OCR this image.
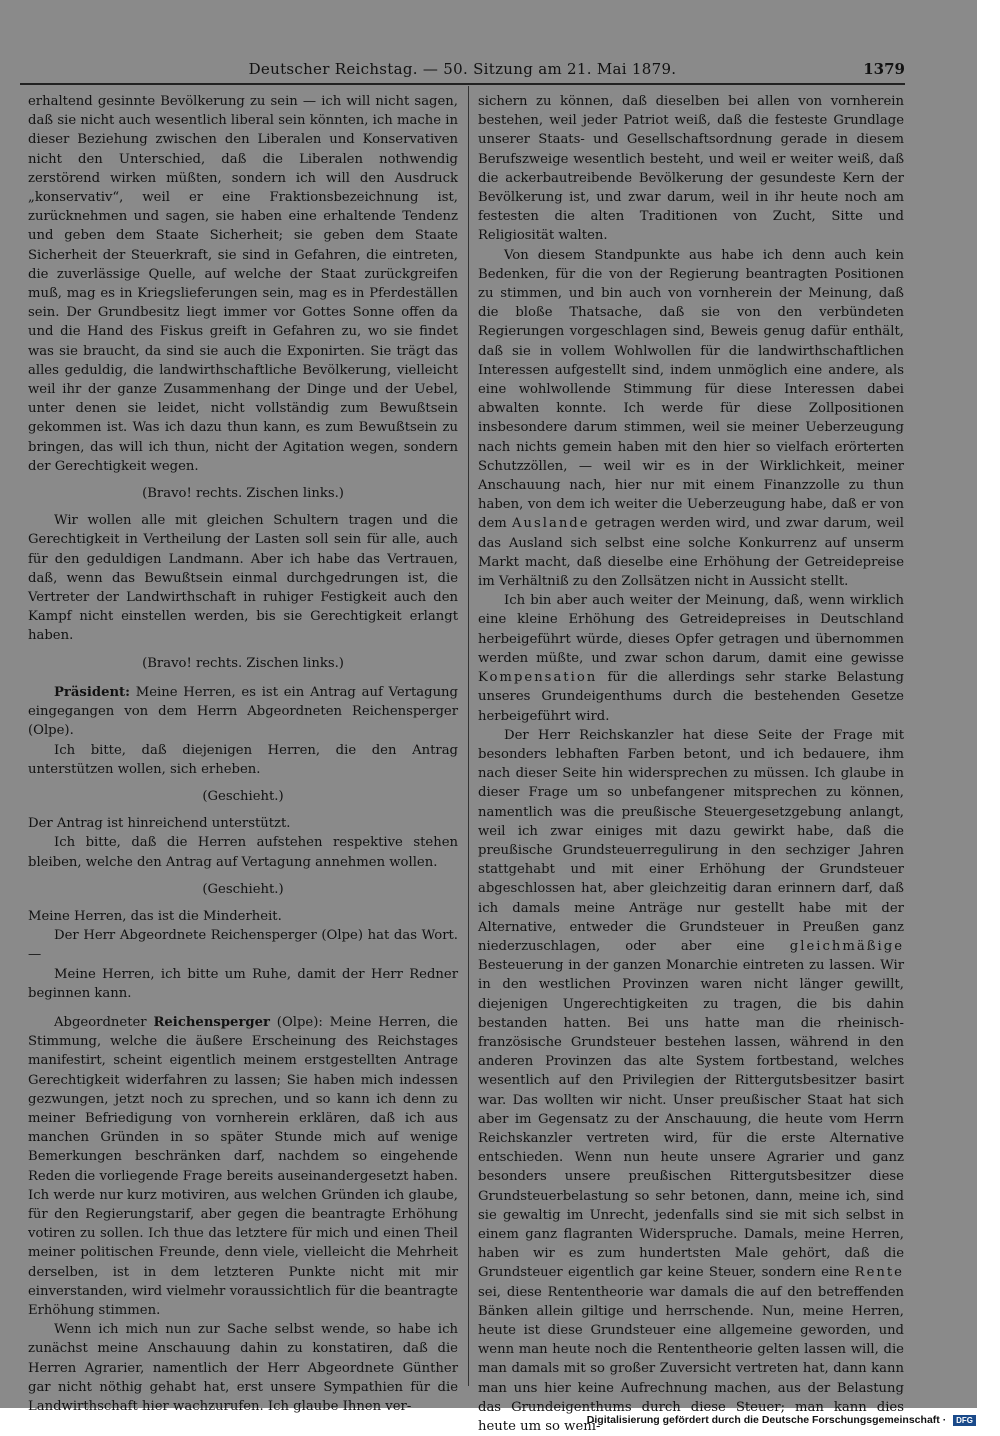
Deutscher Reichstag. — 50. Sitzung am 21. Mai 1879.	1379

erhaltend gesinnte Bevölkerung zu sein — ich will nicht sagen, daß sie nicht auch wesentlich liberal sein könnten, ich mache in dieser Beziehung zwischen den Liberalen und Konservativen nicht den Unterschied, daß die Liberalen nothwendig zerstörend wirken müßten, sondern ich will den Ausdruck „konservativ“, weil er eine Fraktionsbezeichnung ist, zurücknehmen und sagen, sie haben eine erhaltende Tendenz und geben dem Staate Sicherheit; sie geben dem Staate Sicherheit der Steuerkraft, sie sind in Gefahren, die eintreten, die zuverlässige Quelle, auf welche der Staat zurückgreifen muß, mag es in Kriegslieferungen sein, mag es in Pferdeställen sein. Der Grundbesitz liegt immer vor Gottes Sonne offen da und die Hand des Fiskus greift in Gefahren zu, wo sie findet was sie braucht, da sind sie auch die Exponirten. Sie trägt das alles geduldig, die landwirthschaftliche Bevölkerung, vielleicht weil ihr der ganze Zusammenhang der Dinge und der Uebel, unter denen sie leidet, nicht vollständig zum Bewußtsein gekommen ist. Was ich dazu thun kann, es zum Bewußtsein zu bringen, das will ich thun, nicht der Agitation wegen, sondern der Gerechtigkeit wegen.

(Bravo! rechts. Zischen links.)

Wir wollen alle mit gleichen Schultern tragen und die Gerechtigkeit in Vertheilung der Lasten soll sein für alle, auch für den geduldigen Landmann. Aber ich habe das Vertrauen, daß, wenn das Bewußtsein einmal durchgedrungen ist, die Vertreter der Landwirthschaft in ruhiger Festigkeit auch den Kampf nicht einstellen werden, bis sie Gerechtigkeit erlangt haben.

(Bravo! rechts. Zischen links.)

Präsident: Meine Herren, es ist ein Antrag auf Vertagung eingegangen von dem Herrn Abgeordneten Reichensperger (Olpe).

Ich bitte, daß diejenigen Herren, die den Antrag unterstützen wollen, sich erheben.

(Geschieht.)

Der Antrag ist hinreichend unterstützt.

Ich bitte, daß die Herren aufstehen respektive stehen bleiben, welche den Antrag auf Vertagung annehmen wollen.

(Geschieht.)

Meine Herren, das ist die Minderheit.

Der Herr Abgeordnete Reichensperger (Olpe) hat das Wort. —

Meine Herren, ich bitte um Ruhe, damit der Herr Redner beginnen kann.

Abgeordneter Reichensperger (Olpe): Meine Herren, die Stimmung, welche die äußere Erscheinung des Reichstages manifestirt, scheint eigentlich meinem erstgestellten Antrage Gerechtigkeit widerfahren zu lassen; Sie haben mich indessen gezwungen, jetzt noch zu sprechen, und so kann ich denn zu meiner Befriedigung von vornherein erklären, daß ich aus manchen Gründen in so später Stunde mich auf wenige Bemerkungen beschränken darf, nachdem so eingehende Reden die vorliegende Frage bereits auseinandergesetzt haben. Ich werde nur kurz motiviren, aus welchen Gründen ich glaube, für den Regierungstarif, aber gegen die beantragte Erhöhung votiren zu sollen. Ich thue das letztere für mich und einen Theil meiner politischen Freunde, denn viele, vielleicht die Mehrheit derselben, ist in dem letzteren Punkte nicht mit mir einverstanden, wird vielmehr voraussichtlich für die beantragte Erhöhung stimmen.

Wenn ich mich nun zur Sache selbst wende, so habe ich zunächst meine Anschauung dahin zu konstatiren, daß die Herren Agrarier, namentlich der Herr Abgeordnete Günther gar nicht nöthig gehabt hat, erst unsere Sympathien für die Landwirthschaft hier wachzurufen. Ich glaube Ihnen ver-

sichern zu können, daß dieselben bei allen von vornherein bestehen, weil jeder Patriot weiß, daß die festeste Grundlage unserer Staats- und Gesellschaftsordnung gerade in diesem Berufszweige wesentlich besteht, und weil er weiter weiß, daß die ackerbautreibende Bevölkerung der gesundeste Kern der Bevölkerung ist, und zwar darum, weil in ihr heute noch am festesten die alten Traditionen von Zucht, Sitte und Religiosität walten.

Von diesem Standpunkte aus habe ich denn auch kein Bedenken, für die von der Regierung beantragten Positionen zu stimmen, und bin auch von vornherein der Meinung, daß die bloße Thatsache, daß sie von den verbündeten Regierungen vorgeschlagen sind, Beweis genug dafür enthält, daß sie in vollem Wohlwollen für die landwirthschaftlichen Interessen aufgestellt sind, indem unmöglich eine andere, als eine wohlwollende Stimmung für diese Interessen dabei abwalten konnte. Ich werde für diese Zollpositionen insbesondere darum stimmen, weil sie meiner Ueberzeugung nach nichts gemein haben mit den hier so vielfach erörterten Schutzzöllen, — weil wir es in der Wirklichkeit, meiner Anschauung nach, hier nur mit einem Finanzzolle zu thun haben, von dem ich weiter die Ueberzeugung habe, daß er von dem Auslande getragen werden wird, und zwar darum, weil das Ausland sich selbst eine solche Konkurrenz auf unserm Markt macht, daß dieselbe eine Erhöhung der Getreidepreise im Verhältniß zu den Zollsätzen nicht in Aussicht stellt.

Ich bin aber auch weiter der Meinung, daß, wenn wirklich eine kleine Erhöhung des Getreidepreises in Deutschland herbeigeführt würde, dieses Opfer getragen und übernommen werden müßte, und zwar schon darum, damit eine gewisse Kompensation für die allerdings sehr starke Belastung unseres Grundeigenthums durch die bestehenden Gesetze herbeigeführt wird.

Der Herr Reichskanzler hat diese Seite der Frage mit besonders lebhaften Farben betont, und ich bedauere, ihm nach dieser Seite hin widersprechen zu müssen. Ich glaube in dieser Frage um so unbefangener mitsprechen zu können, namentlich was die preußische Steuergesetzgebung anlangt, weil ich zwar einiges mit dazu gewirkt habe, daß die preußische Grundsteuerregulirung in den sechziger Jahren stattgehabt und mit einer Erhöhung der Grundsteuer abgeschlossen hat, aber gleichzeitig daran erinnern darf, daß ich damals meine Anträge nur gestellt habe mit der Alternative, entweder die Grundsteuer in Preußen ganz niederzuschlagen, oder aber eine gleichmäßige Besteuerung in der ganzen Monarchie eintreten zu lassen. Wir in den westlichen Provinzen waren nicht länger gewillt, diejenigen Ungerechtigkeiten zu tragen, die bis dahin bestanden hatten. Bei uns hatte man die rheinisch-französische Grundsteuer bestehen lassen, während in den anderen Provinzen das alte System fortbestand, welches wesentlich auf den Privilegien der Rittergutsbesitzer basirt war. Das wollten wir nicht. Unser preußischer Staat hat sich aber im Gegensatz zu der Anschauung, die heute vom Herrn Reichskanzler vertreten wird, für die erste Alternative entschieden. Wenn nun heute unsere Agrarier und ganz besonders unsere preußischen Rittergutsbesitzer diese Grundsteuerbelastung so sehr betonen, dann, meine ich, sind sie gewaltig im Unrecht, jedenfalls sind sie mit sich selbst in einem ganz flagranten Widerspruche. Damals, meine Herren, haben wir es zum hundertsten Male gehört, daß die Grundsteuer eigentlich gar keine Steuer, sondern eine Rente sei, diese Rententheorie war damals die auf den betreffenden Bänken allein giltige und herrschende. Nun, meine Herren, heute ist diese Grundsteuer eine allgemeine geworden, und wenn man heute noch die Rententheorie gelten lassen will, die man damals mit so großer Zuversicht vertreten hat, dann kann man uns hier keine Aufrechnung machen, aus der Belastung das Grundeigenthums durch diese Steuer; man kann dies heute um so weni-

Digitalisierung gefördert durch die Deutsche Forschungsgemeinschaft · DFG
